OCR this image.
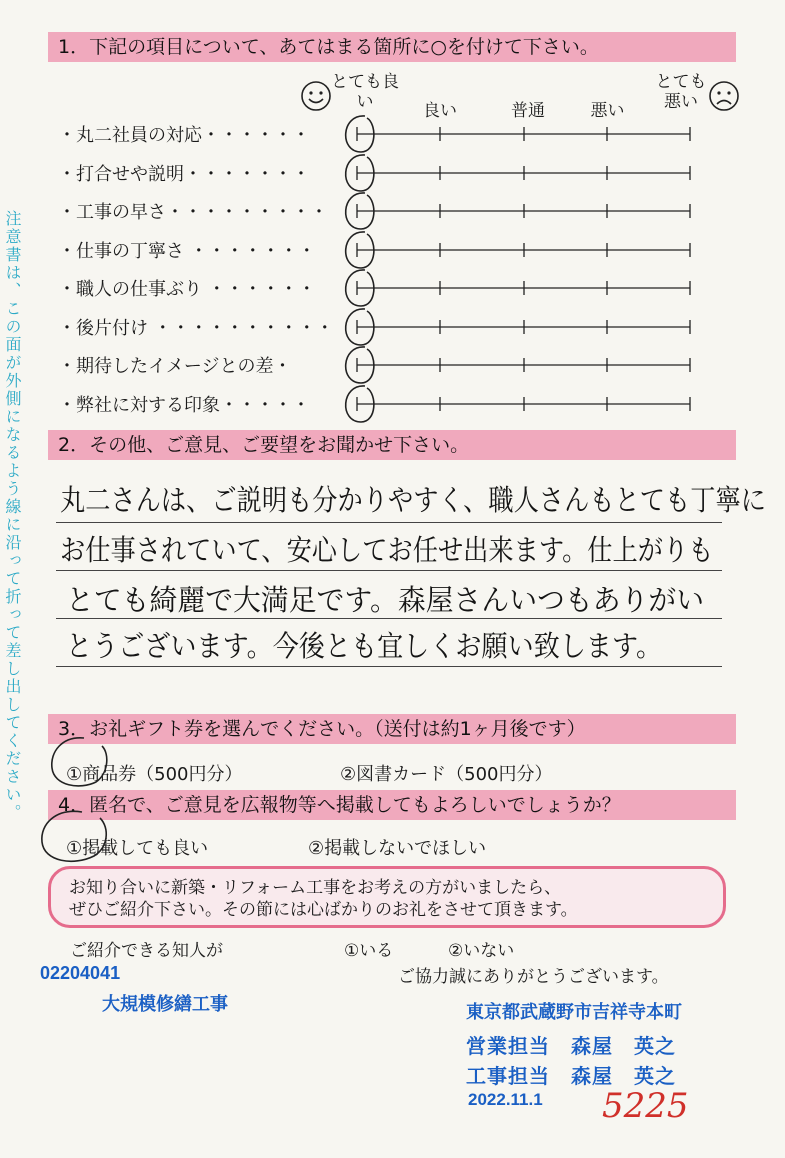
注意書は、この面が外側になるよう線に沿って折って差し出してください。
1．下記の項目について、あてはまる箇所に○を付けて下さい。
とても良い	良い	普通	悪い
とても悪い
・丸二社員の対応・・・・・・
・打合せや説明・・・・・・・
・工事の早さ・・・・・・・・・
・仕事の丁寧さ ・・・・・・・
・職人の仕事ぶり ・・・・・・
・後片付け ・・・・・・・・・・
・期待したイメージとの差・
・弊社に対する印象・・・・・
2．その他、ご意見、ご要望をお聞かせ下さい。
丸二さんは、ご説明も分かりやすく、職人さんもとても丁寧に
お仕事されていて、安心してお任せ出来ます。仕上がりも
とても綺麗で大満足です。森屋さんいつもありがい
とうございます。今後とも宜しくお願い致します。
3．お礼ギフト券を選んでください。（送付は約1ヶ月後です）
①商品券（500円分）	②図書カード（500円分）
4．匿名で、ご意見を広報物等へ掲載してもよろしいでしょうか？
①掲載しても良い	②掲載しないでほしい
お知り合いに新築・リフォーム工事をお考えの方がいましたら、
ぜひご紹介下さい。その節には心ばかりのお礼をさせて頂きます。
ご紹介できる知人が	①いる	②いない
ご協力誠にありがとうございます。
02204041
大規模修繕工事	東京都武蔵野市吉祥寺本町
営業担当　森屋　英之
工事担当　森屋　英之
2022.11.1 5225
